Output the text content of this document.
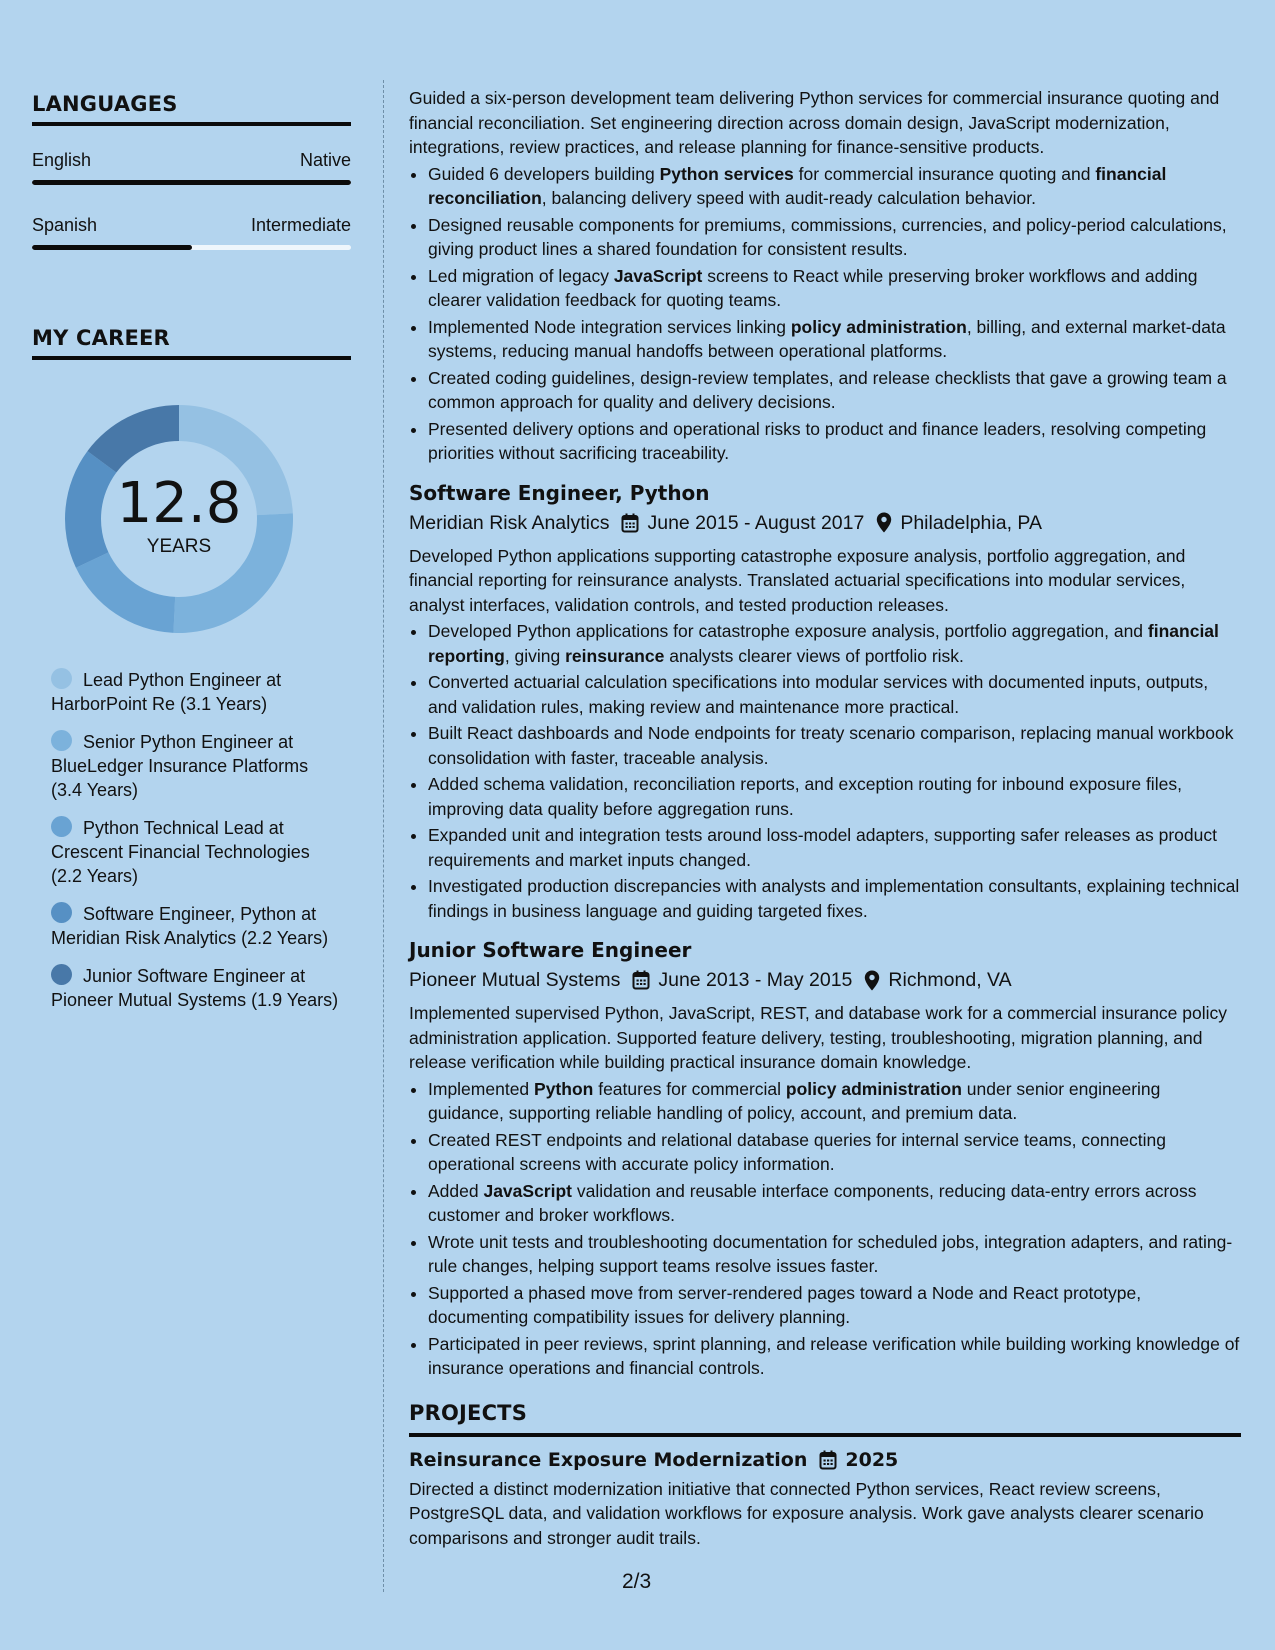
LANGUAGES
English	Native
Spanish	Intermediate
MY CAREER
12.8
YEARS
Lead Python Engineer at HarborPoint Re (3.1 Years)
Senior Python Engineer at BlueLedger Insurance Platforms (3.4 Years)
Python Technical Lead at Crescent Financial Technologies (2.2 Years)
Software Engineer, Python at Meridian Risk Analytics (2.2 Years)
Junior Software Engineer at Pioneer Mutual Systems (1.9 Years)

Guided a six-person development team delivering Python services for commercial insurance quoting and financial reconciliation. Set engineering direction across domain design, JavaScript modernization, integrations, review practices, and release planning for finance-sensitive products.

• Guided 6 developers building Python services for commercial insurance quoting and financial reconciliation, balancing delivery speed with audit-ready calculation behavior.
• Designed reusable components for premiums, commissions, currencies, and policy-period calculations, giving product lines a shared foundation for consistent results.
• Led migration of legacy JavaScript screens to React while preserving broker workflows and adding clearer validation feedback for quoting teams.
• Implemented Node integration services linking policy administration, billing, and external market-data systems, reducing manual handoffs between operational platforms.
• Created coding guidelines, design-review templates, and release checklists that gave a growing team a common approach for quality and delivery decisions.
• Presented delivery options and operational risks to product and finance leaders, resolving competing priorities without sacrificing traceability.
Software Engineer, Python
Meridian Risk Analytics June 2015 - August 2017 Philadelphia, PA

Developed Python applications supporting catastrophe exposure analysis, portfolio aggregation, and financial reporting for reinsurance analysts. Translated actuarial specifications into modular services, analyst interfaces, validation controls, and tested production releases.

• Developed Python applications for catastrophe exposure analysis, portfolio aggregation, and financial reporting, giving reinsurance analysts clearer views of portfolio risk.
• Converted actuarial calculation specifications into modular services with documented inputs, outputs, and validation rules, making review and maintenance more practical.
• Built React dashboards and Node endpoints for treaty scenario comparison, replacing manual workbook consolidation with faster, traceable analysis.
• Added schema validation, reconciliation reports, and exception routing for inbound exposure files, improving data quality before aggregation runs.
• Expanded unit and integration tests around loss-model adapters, supporting safer releases as product requirements and market inputs changed.
• Investigated production discrepancies with analysts and implementation consultants, explaining technical findings in business language and guiding targeted fixes.
Junior Software Engineer
Pioneer Mutual Systems June 2013 - May 2015 Richmond, VA

Implemented supervised Python, JavaScript, REST, and database work for a commercial insurance policy administration application. Supported feature delivery, testing, troubleshooting, migration planning, and release verification while building practical insurance domain knowledge.

• Implemented Python features for commercial policy administration under senior engineering guidance, supporting reliable handling of policy, account, and premium data.
• Created REST endpoints and relational database queries for internal service teams, connecting operational screens with accurate policy information.
• Added JavaScript validation and reusable interface components, reducing data-entry errors across customer and broker workflows.
• Wrote unit tests and troubleshooting documentation for scheduled jobs, integration adapters, and rating-rule changes, helping support teams resolve issues faster.
• Supported a phased move from server-rendered pages toward a Node and React prototype, documenting compatibility issues for delivery planning.
• Participated in peer reviews, sprint planning, and release verification while building working knowledge of insurance operations and financial controls.
PROJECTS
Reinsurance Exposure Modernization 2025

Directed a distinct modernization initiative that connected Python services, React review screens, PostgreSQL data, and validation workflows for exposure analysis. Work gave analysts clearer scenario comparisons and stronger audit trails.

2/3
